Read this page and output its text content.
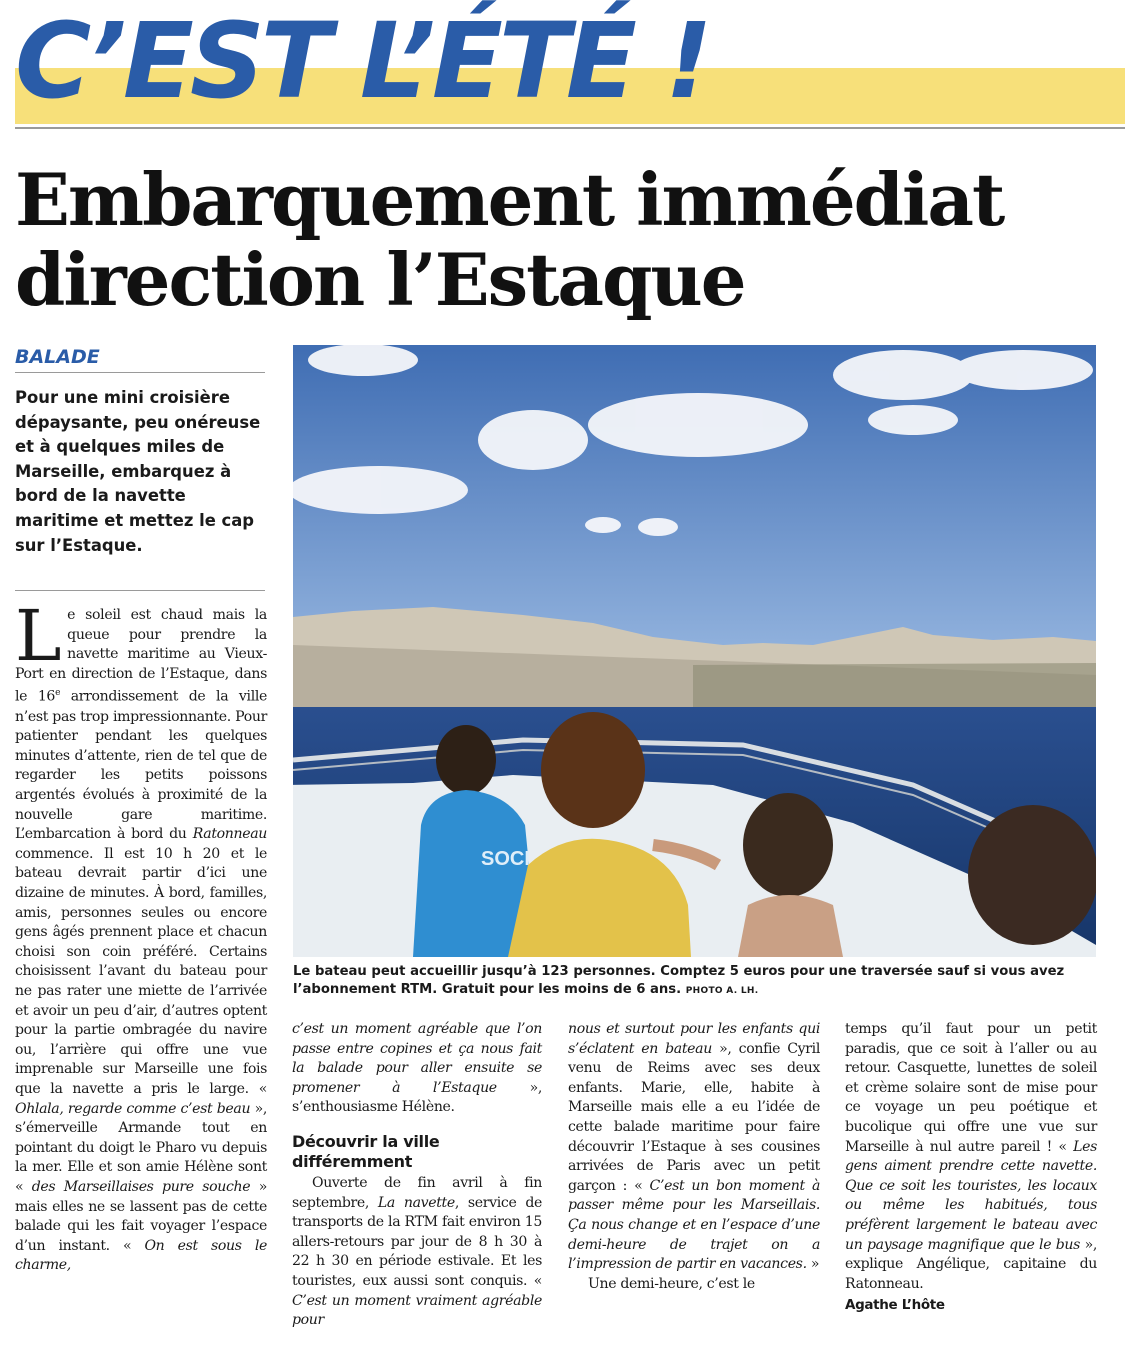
C’EST L’ÉTÉ !
Embarquement immédiat
direction l’Estaque
BALADE

Pour une mini croisière dépaysante, peu onéreuse et à quelques miles de Marseille, embarquez à bord de la navette maritime et mettez le cap sur l’Estaque.

SOCI

Le bateau peut accueillir jusqu’à 123 personnes. Comptez 5 euros pour une traversée sauf si vous avez l’abonnement RTM. Gratuit pour les moins de 6 ans. PHOTO A. LH.

Le soleil est chaud mais la queue pour prendre la navette maritime au Vieux-Port en direction de l’Estaque, dans le 16e arrondissement de la ville n’est pas trop impressionnante. Pour patienter pendant les quelques minutes d’attente, rien de tel que de regarder les petits poissons argentés évolués à proximité de la nouvelle gare maritime. L’embarcation à bord du Ratonneau commence. Il est 10 h 20 et le bateau devrait partir d’ici une dizaine de minutes. À bord, familles, amis, personnes seules ou encore gens âgés prennent place et chacun choisi son coin préféré. Certains choisissent l’avant du bateau pour ne pas rater une miette de l’arrivée et avoir un peu d’air, d’autres optent pour la partie ombragée du navire ou, l’arrière qui offre une vue imprenable sur Marseille une fois que la navette a pris le large. « Ohlala, regarde comme c’est beau », s’émerveille Armande tout en pointant du doigt le Pharo vu depuis la mer. Elle et son amie Hélène sont « des Marseillaises pure souche » mais elles ne se lassent pas de cette balade qui les fait voyager l’espace d’un instant. « On est sous le charme,

c’est un moment agréable que l’on passe entre copines et ça nous fait la balade pour aller ensuite se promener à l’Estaque », s’enthousiasme Hélène.

Découvrir la ville différemment

Ouverte de fin avril à fin septembre, La navette, service de transports de la RTM fait environ 15 allers-retours par jour de 8 h 30 à 22 h 30 en période estivale. Et les touristes, eux aussi sont conquis. « C’est un moment vraiment agréable pour

nous et surtout pour les enfants qui s’éclatent en bateau », confie Cyril venu de Reims avec ses deux enfants. Marie, elle, habite à Marseille mais elle a eu l’idée de cette balade maritime pour faire découvrir l’Estaque à ses cousines arrivées de Paris avec un petit garçon : « C’est un bon moment à passer même pour les Marseillais. Ça nous change et en l’espace d’une demi-heure de trajet on a l’impression de partir en vacances. »

Une demi-heure, c’est le

temps qu’il faut pour un petit paradis, que ce soit à l’aller ou au retour. Casquette, lunettes de soleil et crème solaire sont de mise pour ce voyage un peu poétique et bucolique qui offre une vue sur Marseille à nul autre pareil ! « Les gens aiment prendre cette navette. Que ce soit les touristes, les locaux ou même les habitués, tous préfèrent largement le bateau avec un paysage magnifique que le bus », explique Angélique, capitaine du Ratonneau.

Agathe L’hôte
